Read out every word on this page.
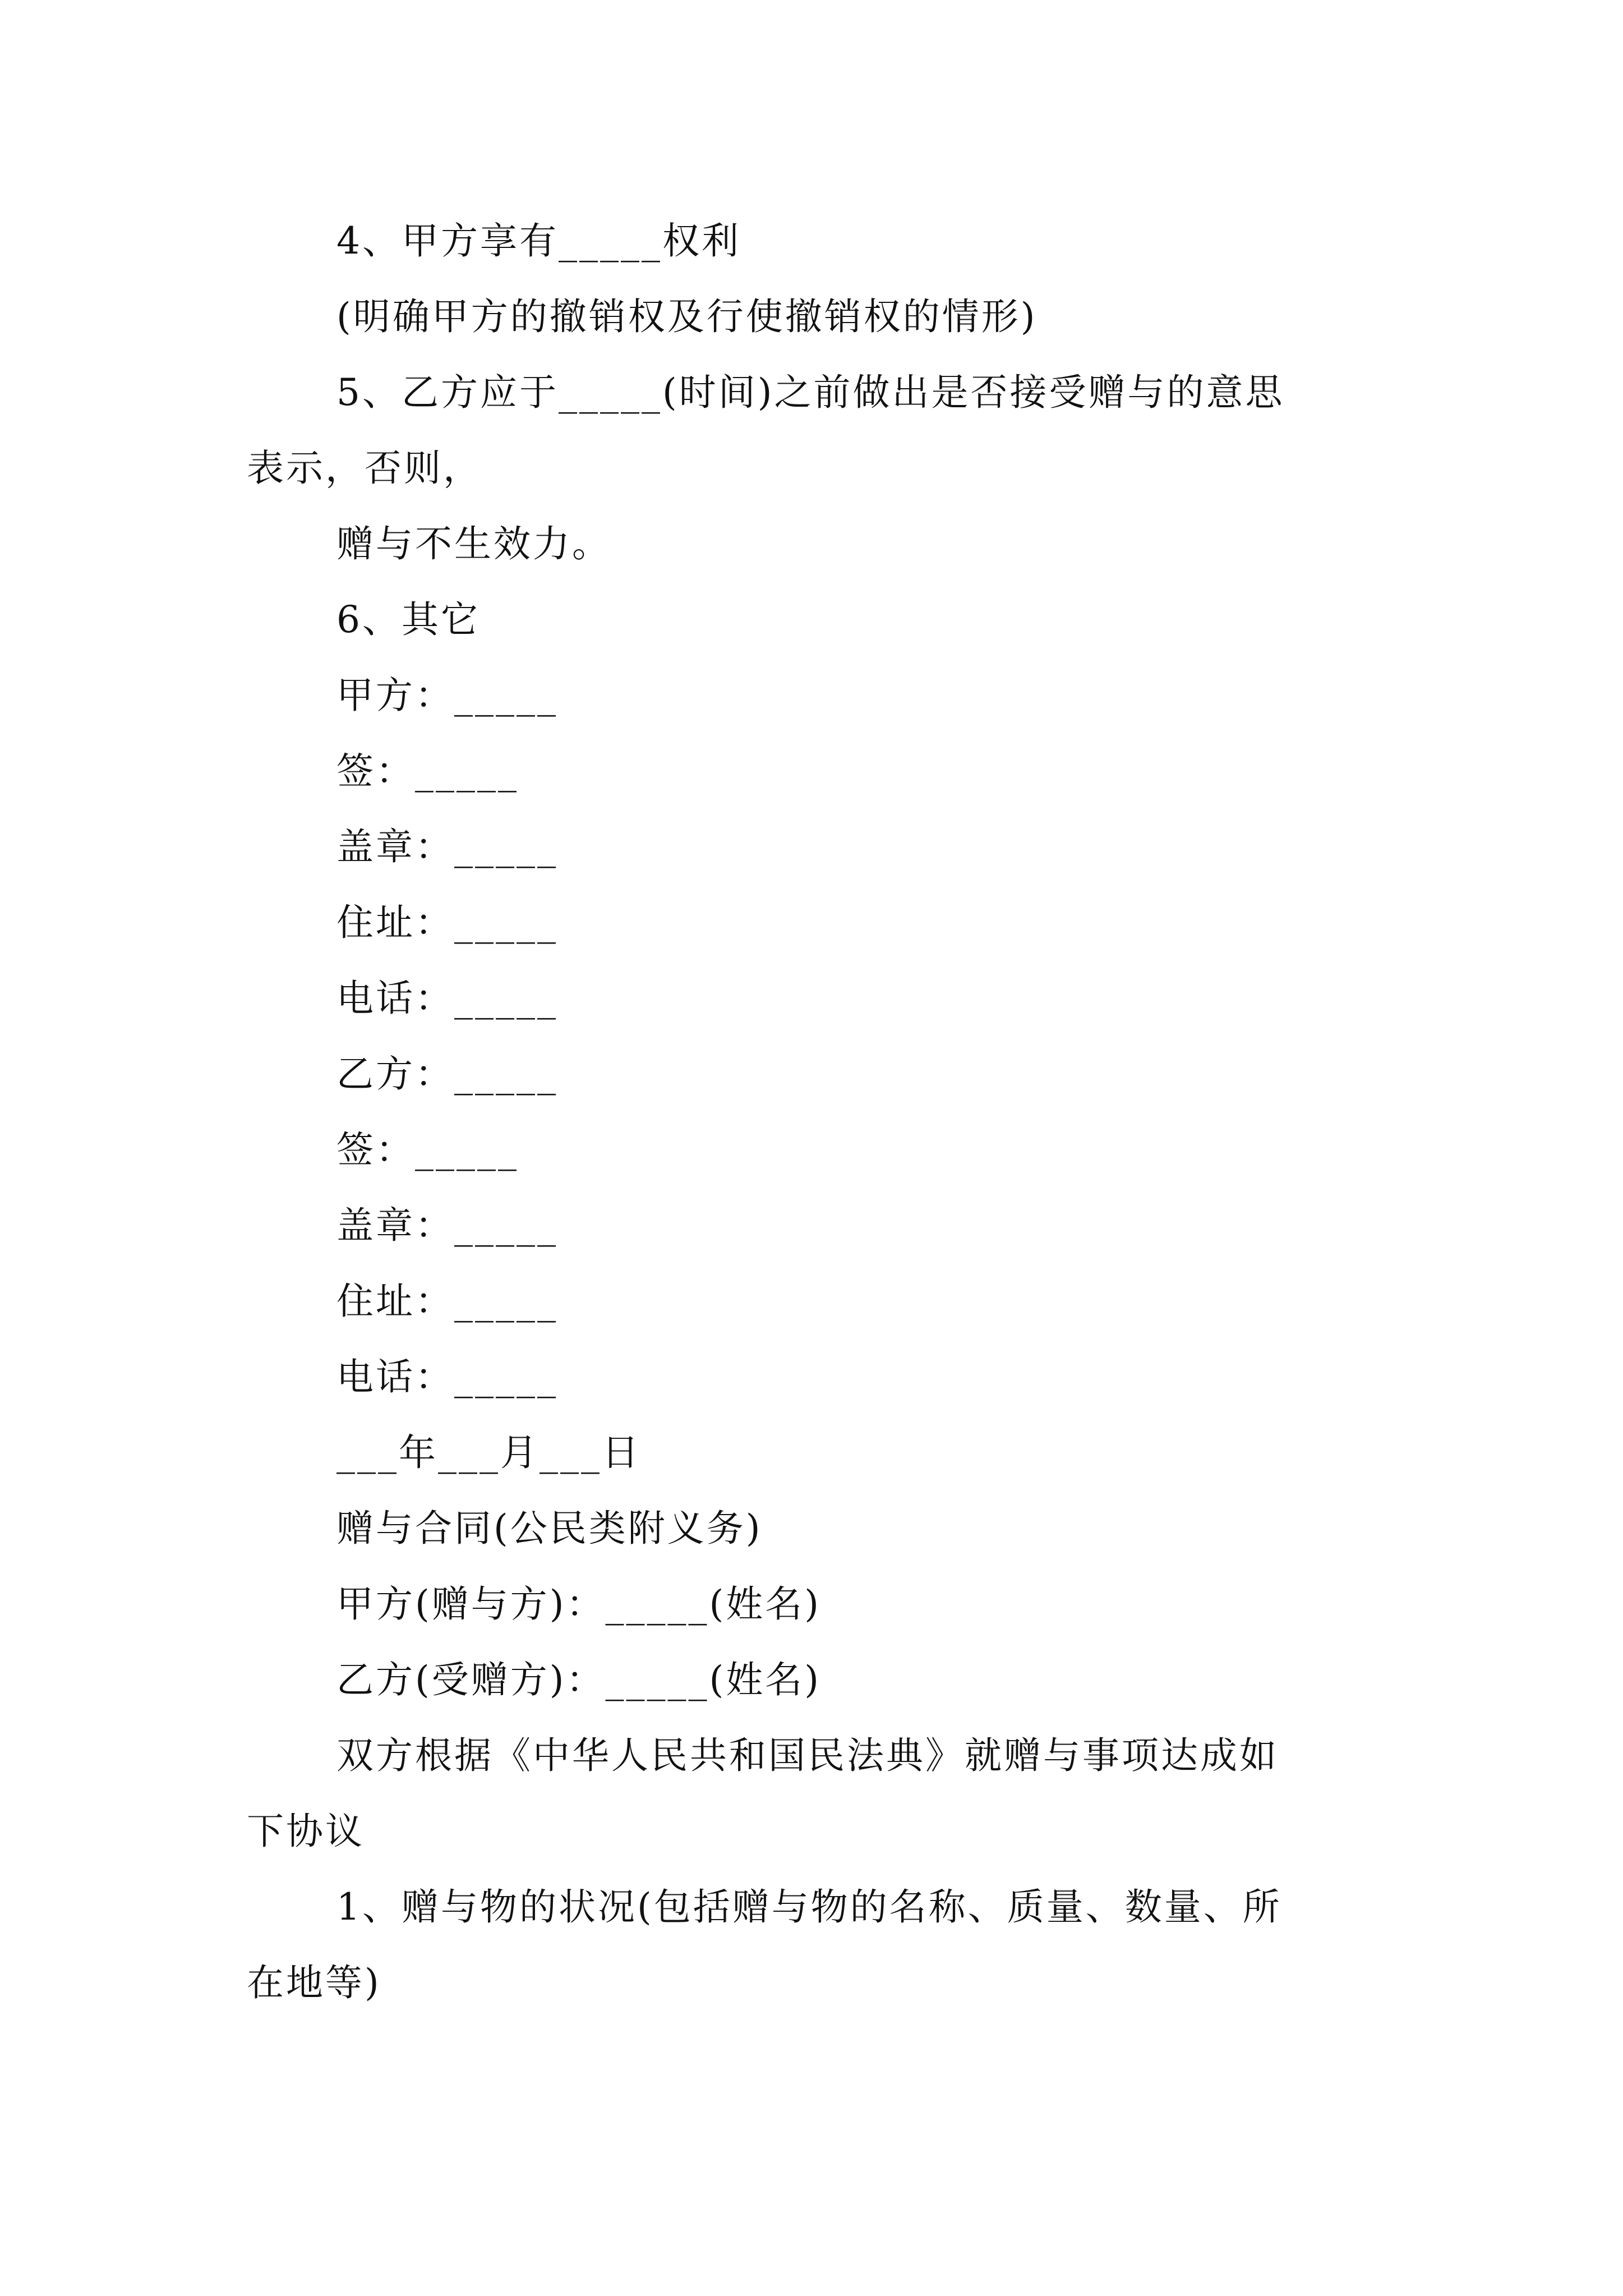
4、甲方享有_____权利
(明确甲方的撤销权及行使撤销权的情形)
5、乙方应于_____(时间)之前做出是否接受赠与的意思
表示，否则，
赠与不生效力。
6、其它
甲方：_____
签：_____
盖章：_____
住址：_____
电话：_____
乙方：_____
签：_____
盖章：_____
住址：_____
电话：_____
___年___月___日
赠与合同(公民类附义务)
甲方(赠与方)：_____(姓名)
乙方(受赠方)：_____(姓名)
双方根据《中华人民共和国民法典》就赠与事项达成如
下协议
1、赠与物的状况(包括赠与物的名称、质量、数量、所
在地等)
